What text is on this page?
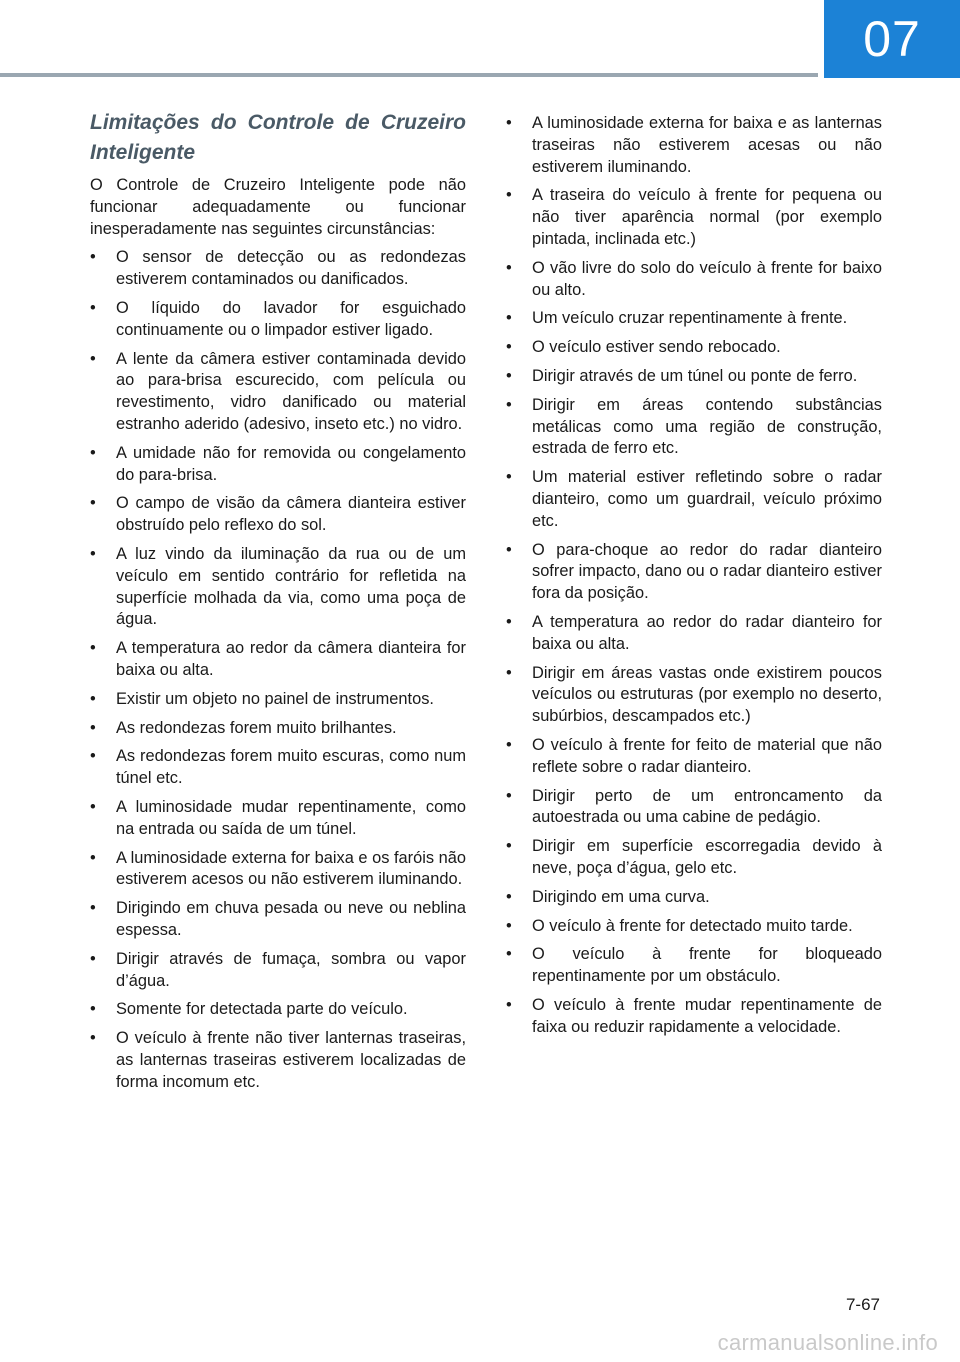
07
Limitações do Controle de Cruzeiro Inteligente

O Controle de Cruzeiro Inteligente pode não funcionar adequadamente ou funcionar inesperadamente nas seguintes circunstâncias:

•	O sensor de detecção ou as redondezas estiverem contaminados ou danificados.
•	O líquido do lavador for esguichado continuamente ou o limpador estiver ligado.
•	A lente da câmera estiver contaminada devido ao para-brisa escurecido, com película ou revestimento, vidro danificado ou material estranho aderido (adesivo, inseto etc.) no vidro.
•	A umidade não for removida ou congelamento do para-brisa.
•	O campo de visão da câmera dianteira estiver obstruído pelo reflexo do sol.
•	A luz vindo da iluminação da rua ou de um veículo em sentido contrário for refletida na superfície molhada da via, como uma poça de água.
•	A temperatura ao redor da câmera dianteira for baixa ou alta.
•	Existir um objeto no painel de instrumentos.
•	As redondezas forem muito brilhantes.
•	As redondezas forem muito escuras, como num túnel etc.
•	A luminosidade mudar repentinamente, como na entrada ou saída de um túnel.
•	A luminosidade externa for baixa e os faróis não estiverem acesos ou não estiverem iluminando.
•	Dirigindo em chuva pesada ou neve ou neblina espessa.
•	Dirigir através de fumaça, sombra ou vapor d’água.
•	Somente for detectada parte do veículo.
•	O veículo à frente não tiver lanternas traseiras, as lanternas traseiras estiverem localizadas de forma incomum etc.
•	A luminosidade externa for baixa e as lanternas traseiras não estiverem acesas ou não estiverem iluminando.
•	A traseira do veículo à frente for pequena ou não tiver aparência normal (por exemplo pintada, inclinada etc.)
•	O vão livre do solo do veículo à frente for baixo ou alto.
•	Um veículo cruzar repentinamente à frente.
•	O veículo estiver sendo rebocado.
•	Dirigir através de um túnel ou ponte de ferro.
•	Dirigir em áreas contendo substâncias metálicas como uma região de construção, estrada de ferro etc.
•	Um material estiver refletindo sobre o radar dianteiro, como um guardrail, veículo próximo etc.
•	O para-choque ao redor do radar dianteiro sofrer impacto, dano ou o radar dianteiro estiver fora da posição.
•	A temperatura ao redor do radar dianteiro for baixa ou alta.
•	Dirigir em áreas vastas onde existirem poucos veículos ou estruturas (por exemplo no deserto, subúrbios, descampados etc.)
•	O veículo à frente for feito de material que não reflete sobre o radar dianteiro.
•	Dirigir perto de um entroncamento da autoestrada ou uma cabine de pedágio.
•	Dirigir em superfície escorregadia devido à neve, poça d’água, gelo etc.
•	Dirigindo em uma curva.
•	O veículo à frente for detectado muito tarde.
•	O veículo à frente for bloqueado repentinamente por um obstáculo.
•	O veículo à frente mudar repentinamente de faixa ou reduzir rapidamente a velocidade.
7-67
carmanualsonline.info
